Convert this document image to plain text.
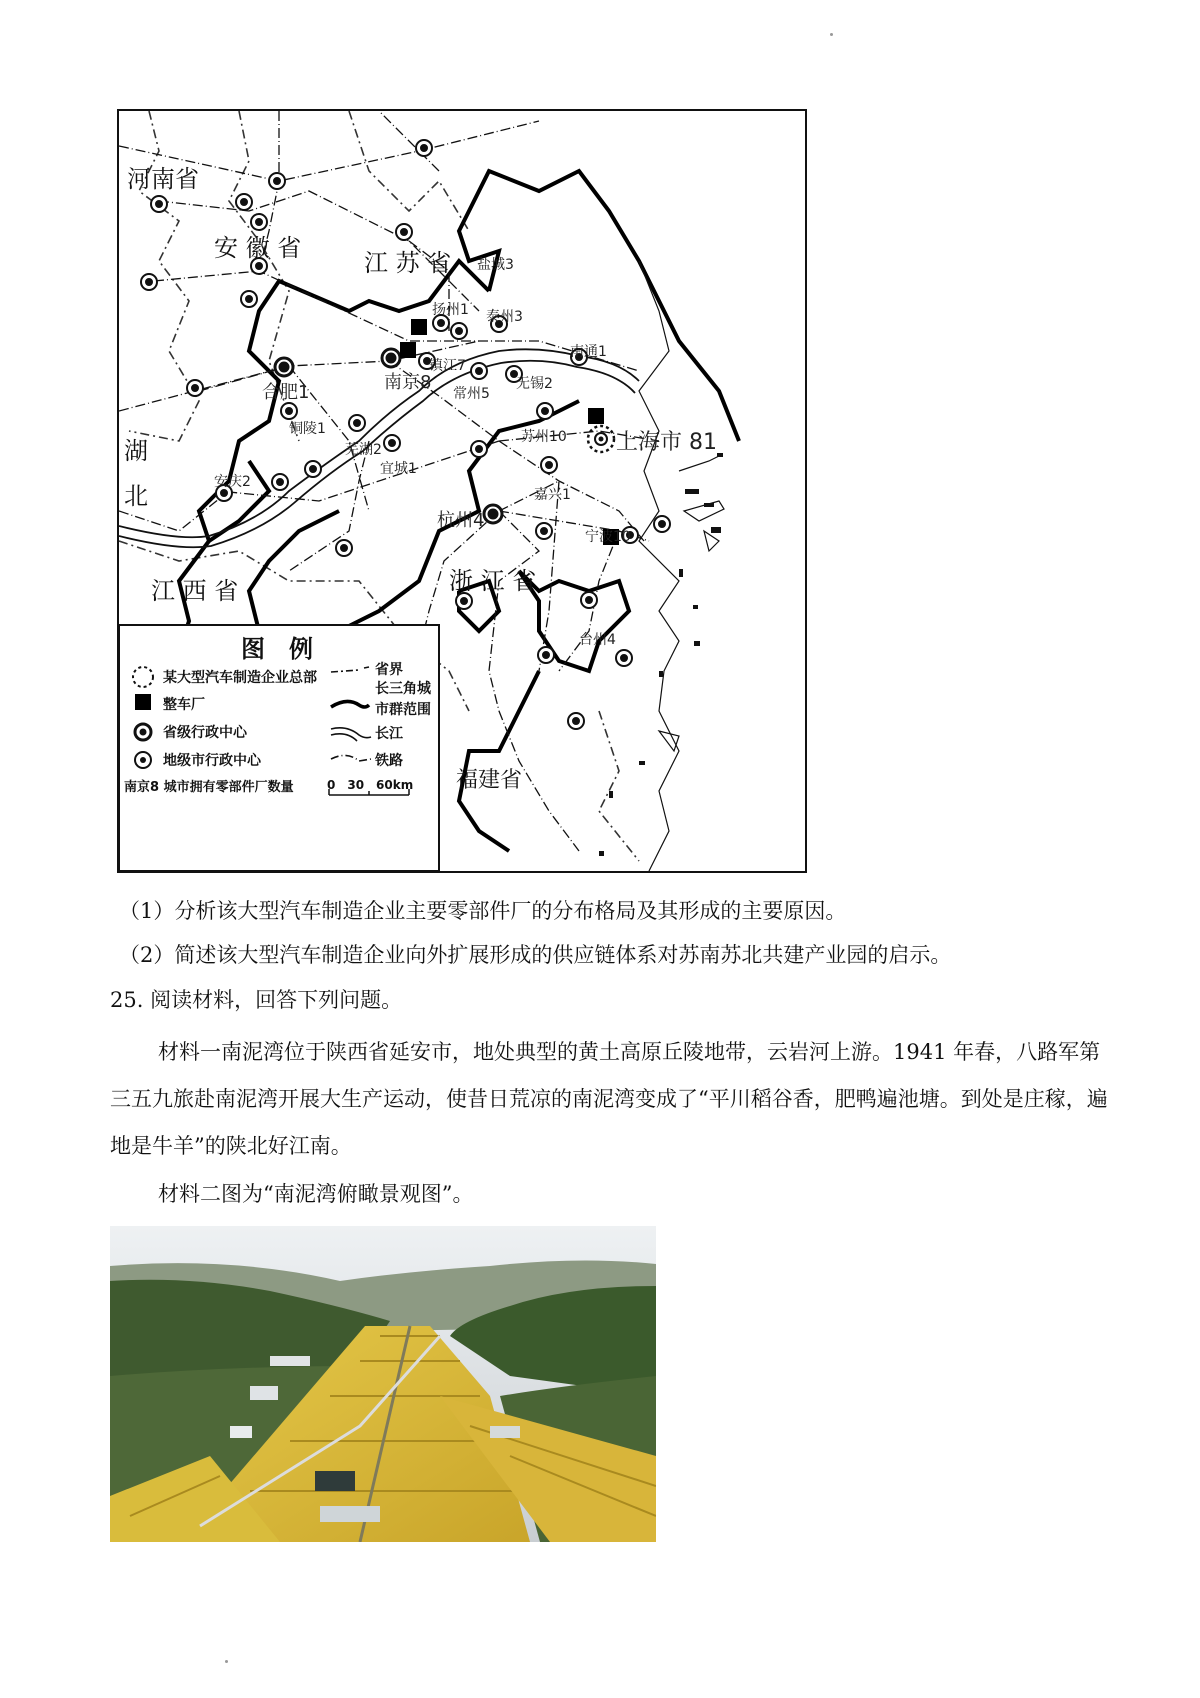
河南省
安 徽 省
江 苏 省
湖
北
江 西 省	浙 江 省
福建省
盐城3
扬州1 泰州3
南通1
镇江7
南京8
常州5
无锡2
合肥1
铜陵1
芜湖2
宜城1
苏州10 上海市 81
安庆2
嘉兴1
杭州4
宁波10
台州4
图　例
某大型汽车制造企业总部
整车厂
省级行政中心
地级市行政中心
南京8 城市拥有零部件厂数量
省界
长三角城
市群范围
长江
铁路
0　30　60km
（1）分析该大型汽车制造企业主要零部件厂的分布格局及其形成的主要原因。
（2）简述该大型汽车制造企业向外扩展形成的供应链体系对苏南苏北共建产业园的启示。
25. 阅读材料，回答下列问题。
材料一南泥湾位于陕西省延安市，地处典型的黄土高原丘陵地带，云岩河上游。1941 年春，八路军第三五九旅赴南泥湾开展大生产运动，使昔日荒凉的南泥湾变成了“平川稻谷香，肥鸭遍池塘。到处是庄稼，遍地是牛羊”的陕北好江南。
材料二图为“南泥湾俯瞰景观图”。
